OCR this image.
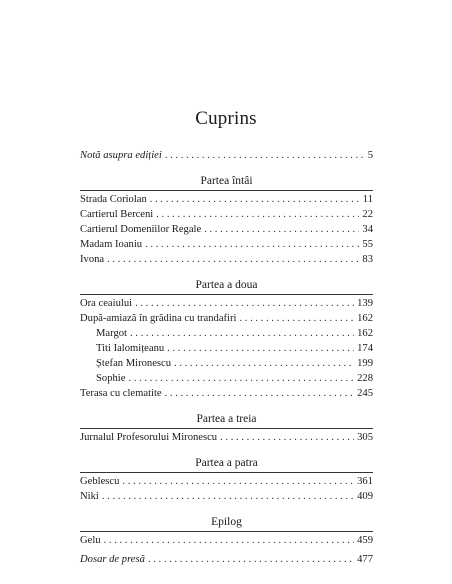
Cuprins
Notă asupra ediției . . .	5
Partea întâi
Strada Coriolan . . .	11
Cartierul Berceni . . .	22
Cartierul Domeniilor Regale . . .	34
Madam Ioaniu . . .	55
Ivona . . .	83
Partea a doua
Ora ceaiului . . .	139
După-amiază în grădina cu trandafiri . . .	162
Margot . . .	162
Titi Ialomițeanu . . .	174
Ștefan Mironescu . . .	199
Sophie . . .	228
Terasa cu clematite . . .	245
Partea a treia
Jurnalul Profesorului Mironescu . . .	305
Partea a patra
Geblescu . . .	361
Niki . . .	409
Epilog
Gelu . . .	459
Dosar de presă . . .	477
